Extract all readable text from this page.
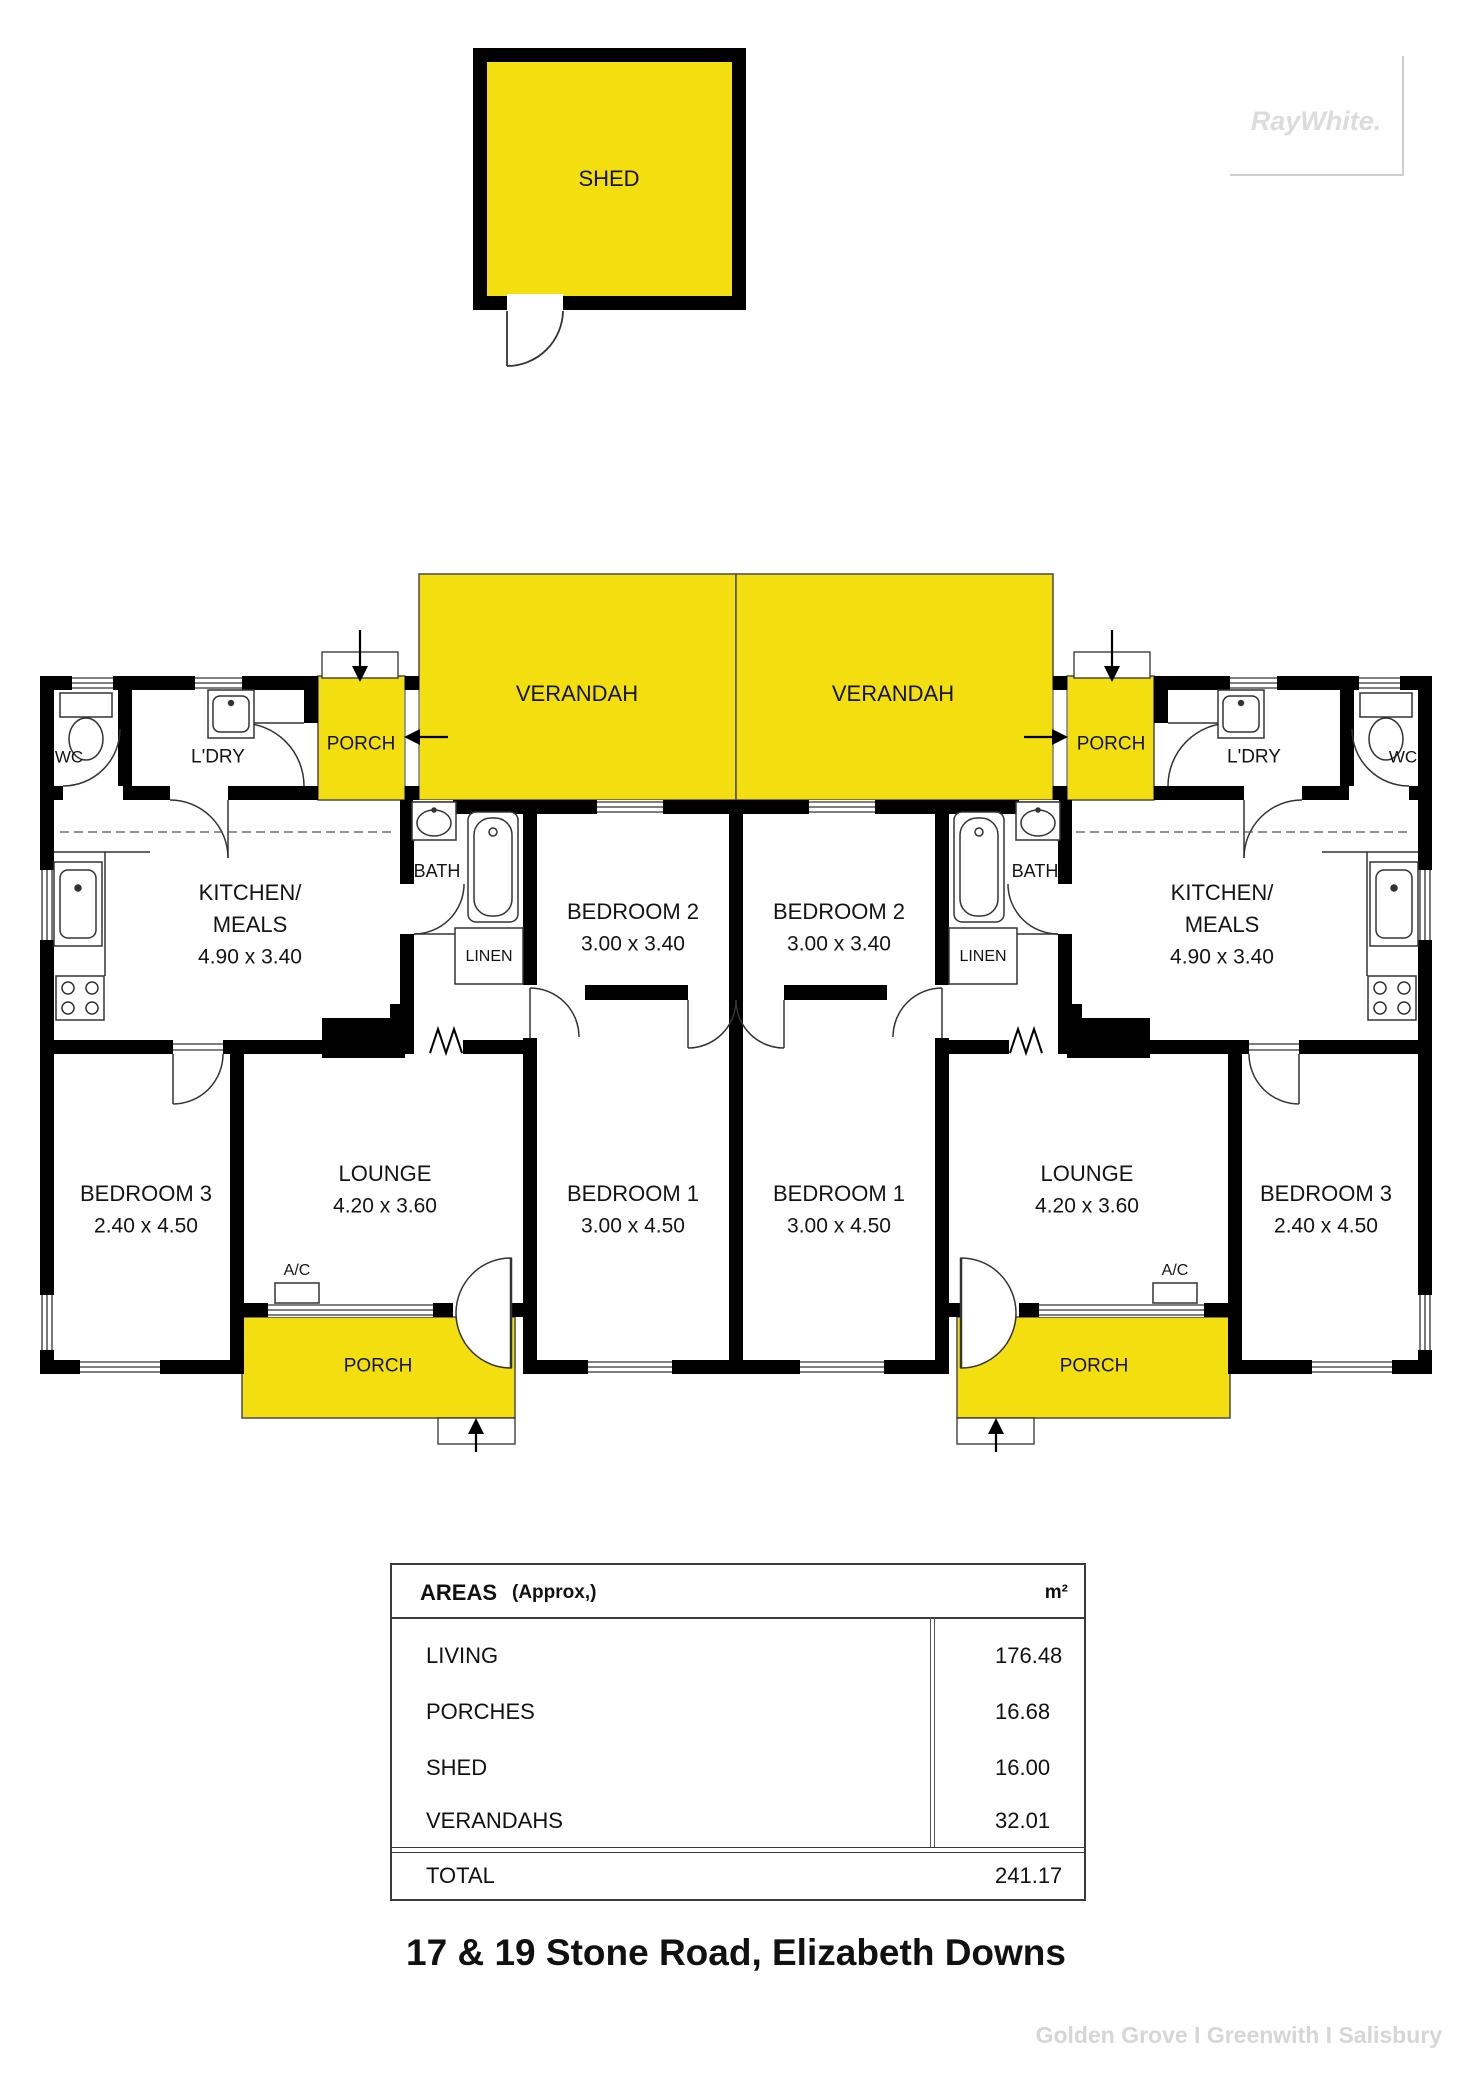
SHED
VERANDAH	VERANDAH
PORCH	PORCH
WC	WC
L'DRY	L'DRY
KITCHEN/
MEALS
4.90 x 3.40
KITCHEN/
MEALS
4.90 x 3.40
BATH	BATH
LINEN	LINEN
BEDROOM 2
3.00 x 3.40
BEDROOM 2
3.00 x 3.40
BEDROOM 3
2.40 x 4.50
BEDROOM 3
2.40 x 4.50
LOUNGE
4.20 x 3.60
LOUNGE
4.20 x 3.60
BEDROOM 1
3.00 x 4.50
BEDROOM 1
3.00 x 4.50
A/C	A/C
PORCH	PORCH
AREAS (Approx,)	m²
LIVING	176.48
PORCHES	16.68
SHED	16.00
VERANDAHS	32.01
TOTAL	241.17
17 & 19 Stone Road, Elizabeth Downs
RayWhite.
Golden Grove I Greenwith I Salisbury
